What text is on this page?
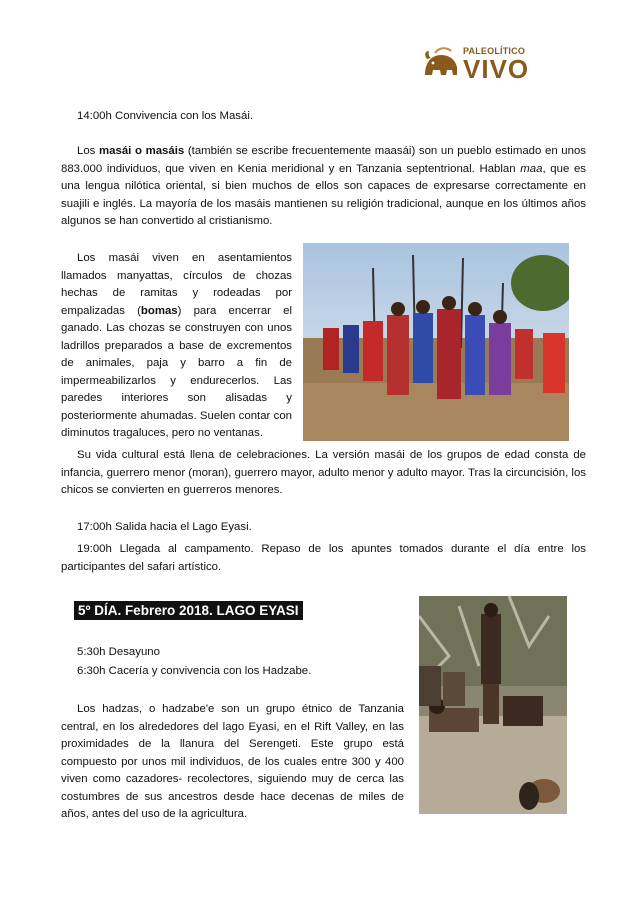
PALEOLÍTICO
VIVO

14:00h Convivencia con los Masái.

Los masái o masáis (también se escribe frecuentemente maasái) son un pueblo estimado en unos 883.000 individuos, que viven en Kenia meridional y en Tanzania septentrional. Hablan maa, que es una lengua nilótica oriental, si bien muchos de ellos son capaces de expresarse correctamente en suajili e inglés. La mayoría de los masáis mantienen su religión tradicional, aunque en los últimos años algunos se han convertido al cristianismo.

Los masái viven en asentamientos llamados manyattas, círculos de chozas hechas de ramitas y rodeadas por empalizadas (bomas) para encerrar el ganado. Las chozas se construyen con unos ladrillos preparados a base de excrementos de animales, paja y barro a fin de impermeabilizarlos y endurecerlos. Las paredes interiores son alisadas y posteriormente ahumadas. Suelen contar con diminutos tragaluces, pero no ventanas.

Su vida cultural está llena de celebraciones. La versión masái de los grupos de edad consta de infancia, guerrero menor (moran), guerrero mayor, adulto menor y adulto mayor. Tras la circuncisión, los chicos se convierten en guerreros menores.

17:00h Salida hacia el Lago Eyasi.

19:00h Llegada al campamento. Repaso de los apuntes tomados durante el día entre los participantes del safari artístico.

5º DÍA. Febrero 2018. LAGO EYASI

5:30h Desayuno

6:30h Cacería y convivencia con los Hadzabe.

Los hadzas, o hadzabe'e son un grupo étnico de Tanzania central, en los alrededores del lago Eyasi, en el Rift Valley, en las proximidades de la llanura del Serengeti. Este grupo está compuesto por unos mil individuos, de los cuales entre 300 y 400 viven como cazadores- recolectores, siguiendo muy de cerca las costumbres de sus ancestros desde hace decenas de miles de años, antes del uso de la agricultura.
